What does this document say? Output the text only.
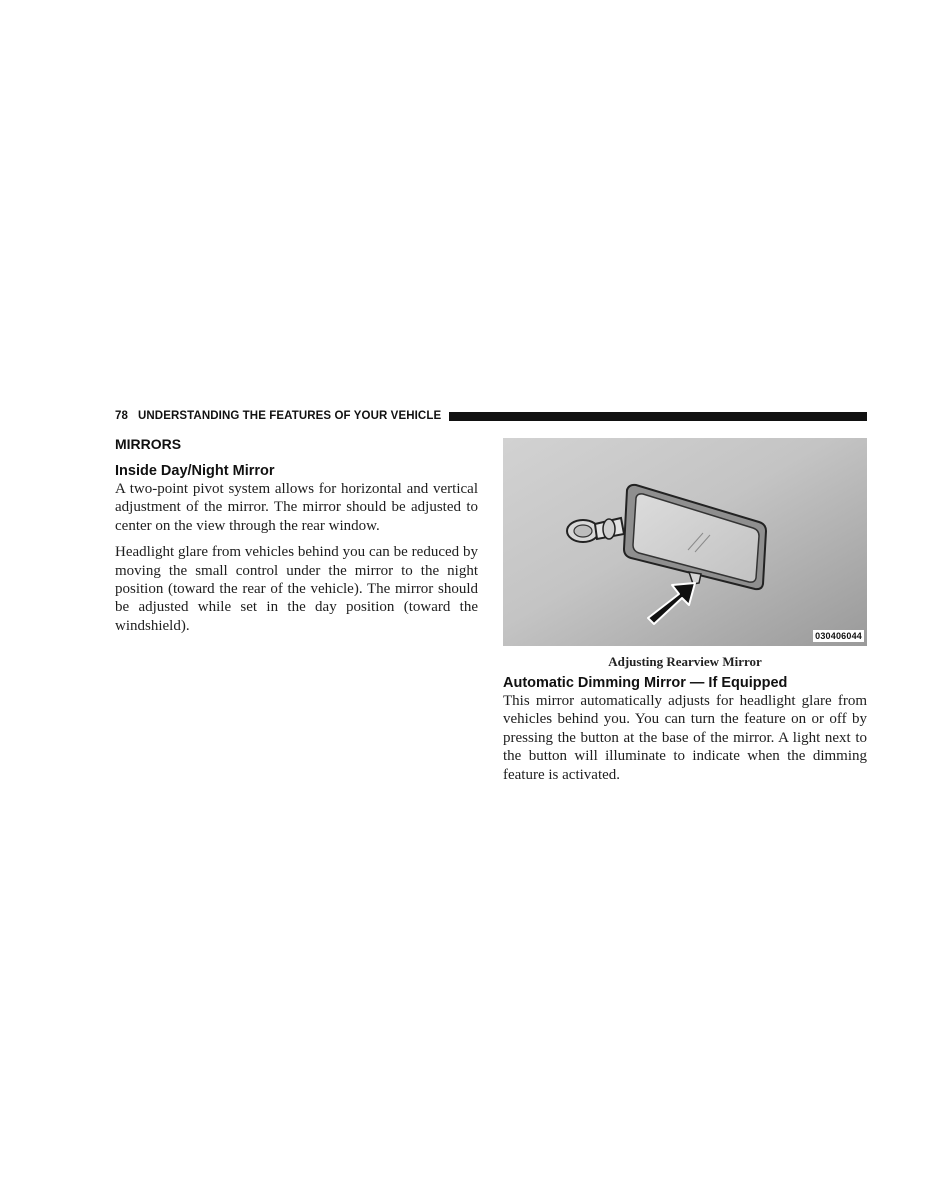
78 UNDERSTANDING THE FEATURES OF YOUR VEHICLE
MIRRORS
Inside Day/Night Mirror

A two-point pivot system allows for horizontal and vertical adjustment of the mirror. The mirror should be adjusted to center on the view through the rear window.

Headlight glare from vehicles behind you can be reduced by moving the small control under the mirror to the night position (toward the rear of the vehicle). The mirror should be adjusted while set in the day position (toward the windshield).

030406044
Adjusting Rearview Mirror
Automatic Dimming Mirror — If Equipped

This mirror automatically adjusts for headlight glare from vehicles behind you. You can turn the feature on or off by pressing the button at the base of the mirror. A light next to the button will illuminate to indicate when the dimming feature is activated.
